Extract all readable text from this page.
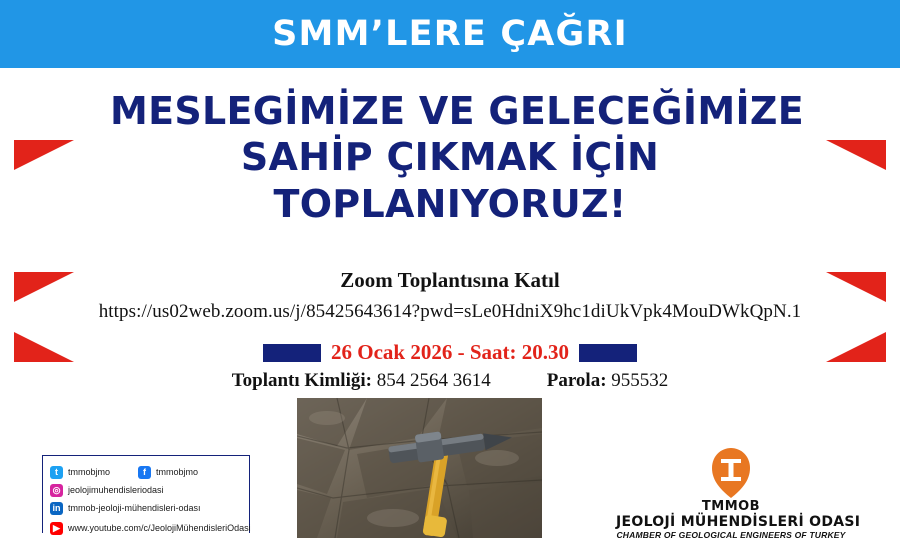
SMM’LERE ÇAĞRI
MESLEGİMİZE VE GELECEĞİMİZE
SAHİP ÇIKMAK İÇİN
TOPLANIYORUZ!
Zoom Toplantısına Katıl
https://us02web.zoom.us/j/85425643614?pwd=sLe0HdniX9hc1diUkVpk4MouDWkQpN.1
26 Ocak 2026 - Saat: 20.30
Toplantı Kimliği: 854 2564 3614	Parola: 955532
t	tmmobjmo	f	tmmobjmo
◎ jeolojimuhendisleriodasi
in tmmob-jeoloji-mühendisleri-odası
▶ www.youtube.com/c/JeolojiMühendisleriOdasi
TMMOB
JEOLOJİ MÜHENDİSLERİ ODASI
CHAMBER OF GEOLOGICAL ENGINEERS OF TURKEY
